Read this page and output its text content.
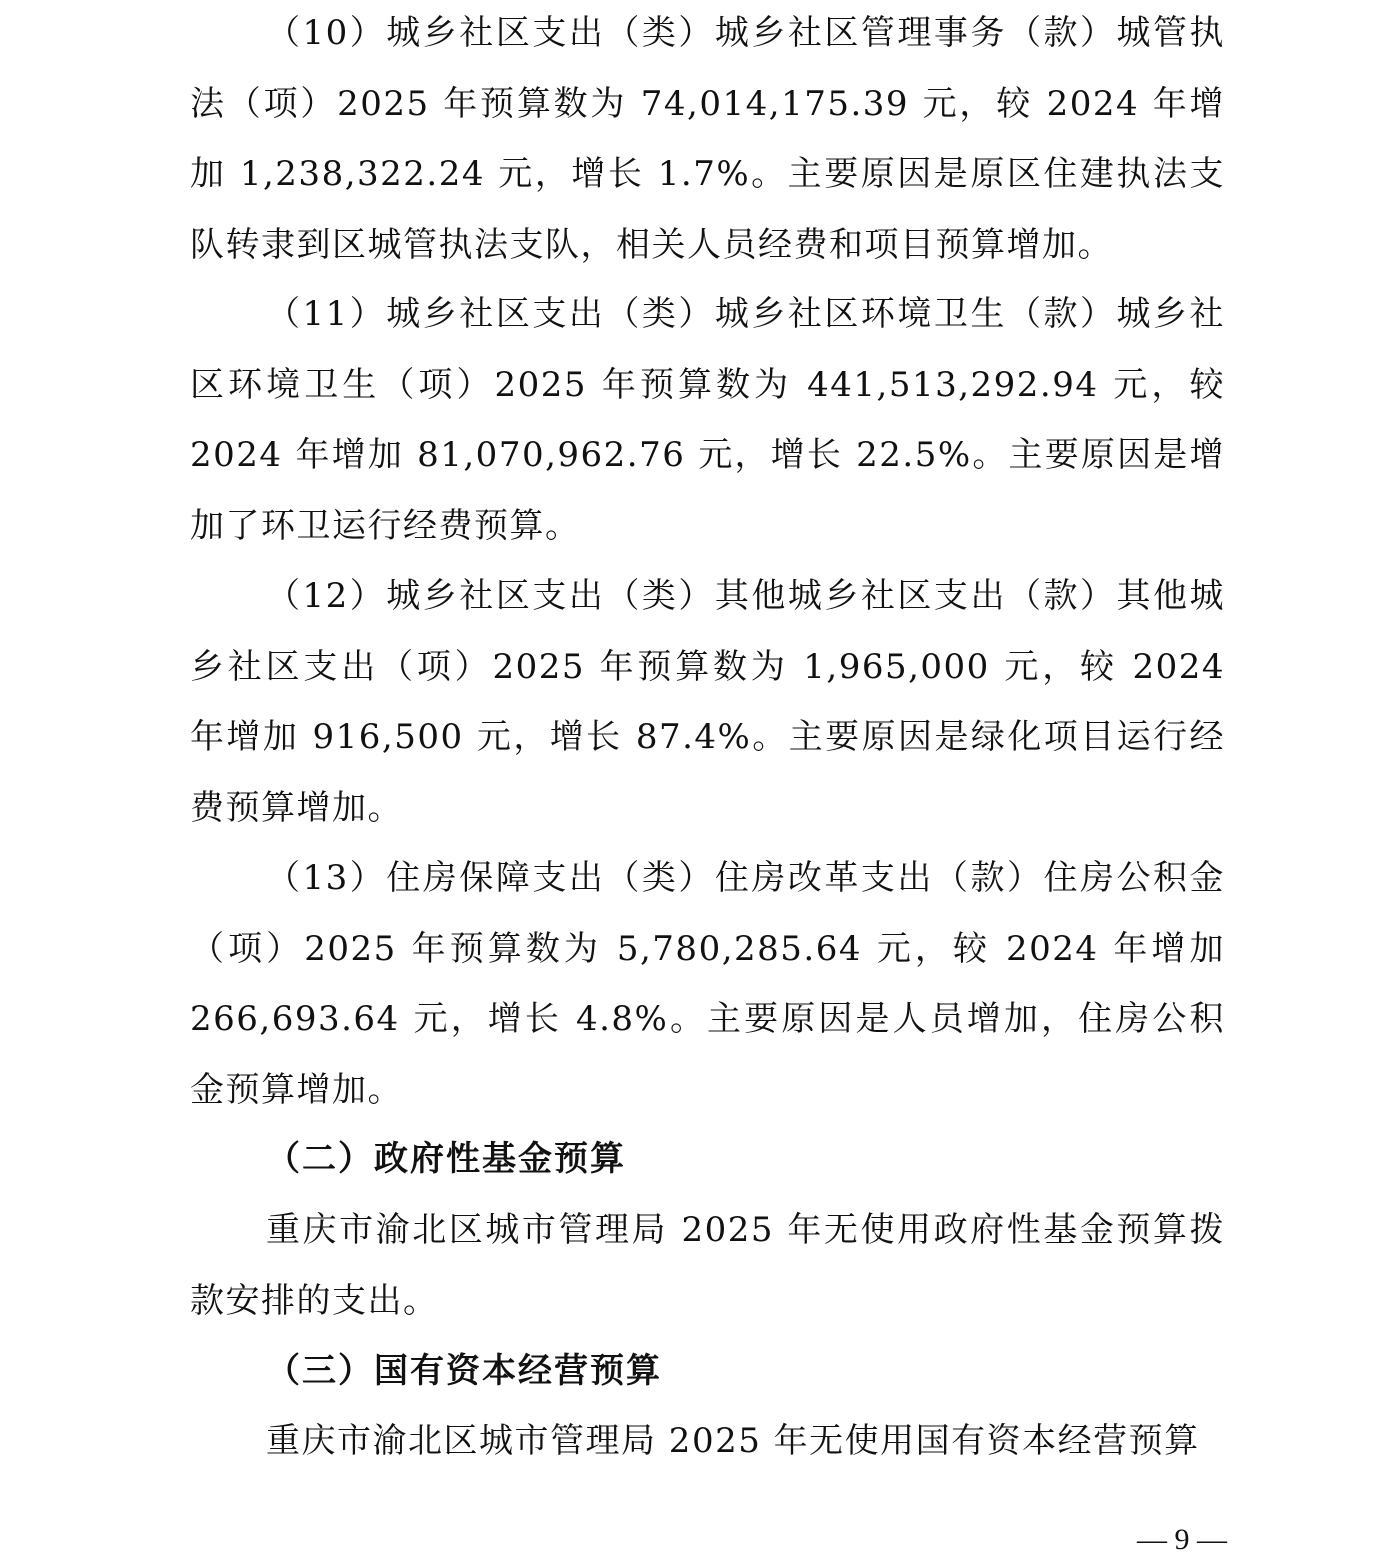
（10）城乡社区支出（类）城乡社区管理事务（款）城管执法（项）2025 年预算数为 74,014,175.39 元，较 2024 年增加 1,238,322.24 元，增长 1.7%。主要原因是原区住建执法支队转隶到区城管执法支队，相关人员经费和项目预算增加。

（11）城乡社区支出（类）城乡社区环境卫生（款）城乡社区环境卫生（项）2025 年预算数为 441,513,292.94 元，较 2024 年增加 81,070,962.76 元，增长 22.5%。主要原因是增加了环卫运行经费预算。

（12）城乡社区支出（类）其他城乡社区支出（款）其他城乡社区支出（项）2025 年预算数为 1,965,000 元，较 2024 年增加 916,500 元，增长 87.4%。主要原因是绿化项目运行经费预算增加。

（13）住房保障支出（类）住房改革支出（款）住房公积金（项）2025 年预算数为 5,780,285.64 元，较 2024 年增加 266,693.64 元，增长 4.8%。主要原因是人员增加，住房公积金预算增加。

（二）政府性基金预算

重庆市渝北区城市管理局 2025 年无使用政府性基金预算拨款安排的支出。

（三）国有资本经营预算

重庆市渝北区城市管理局 2025 年无使用国有资本经营预算

— 9 —
